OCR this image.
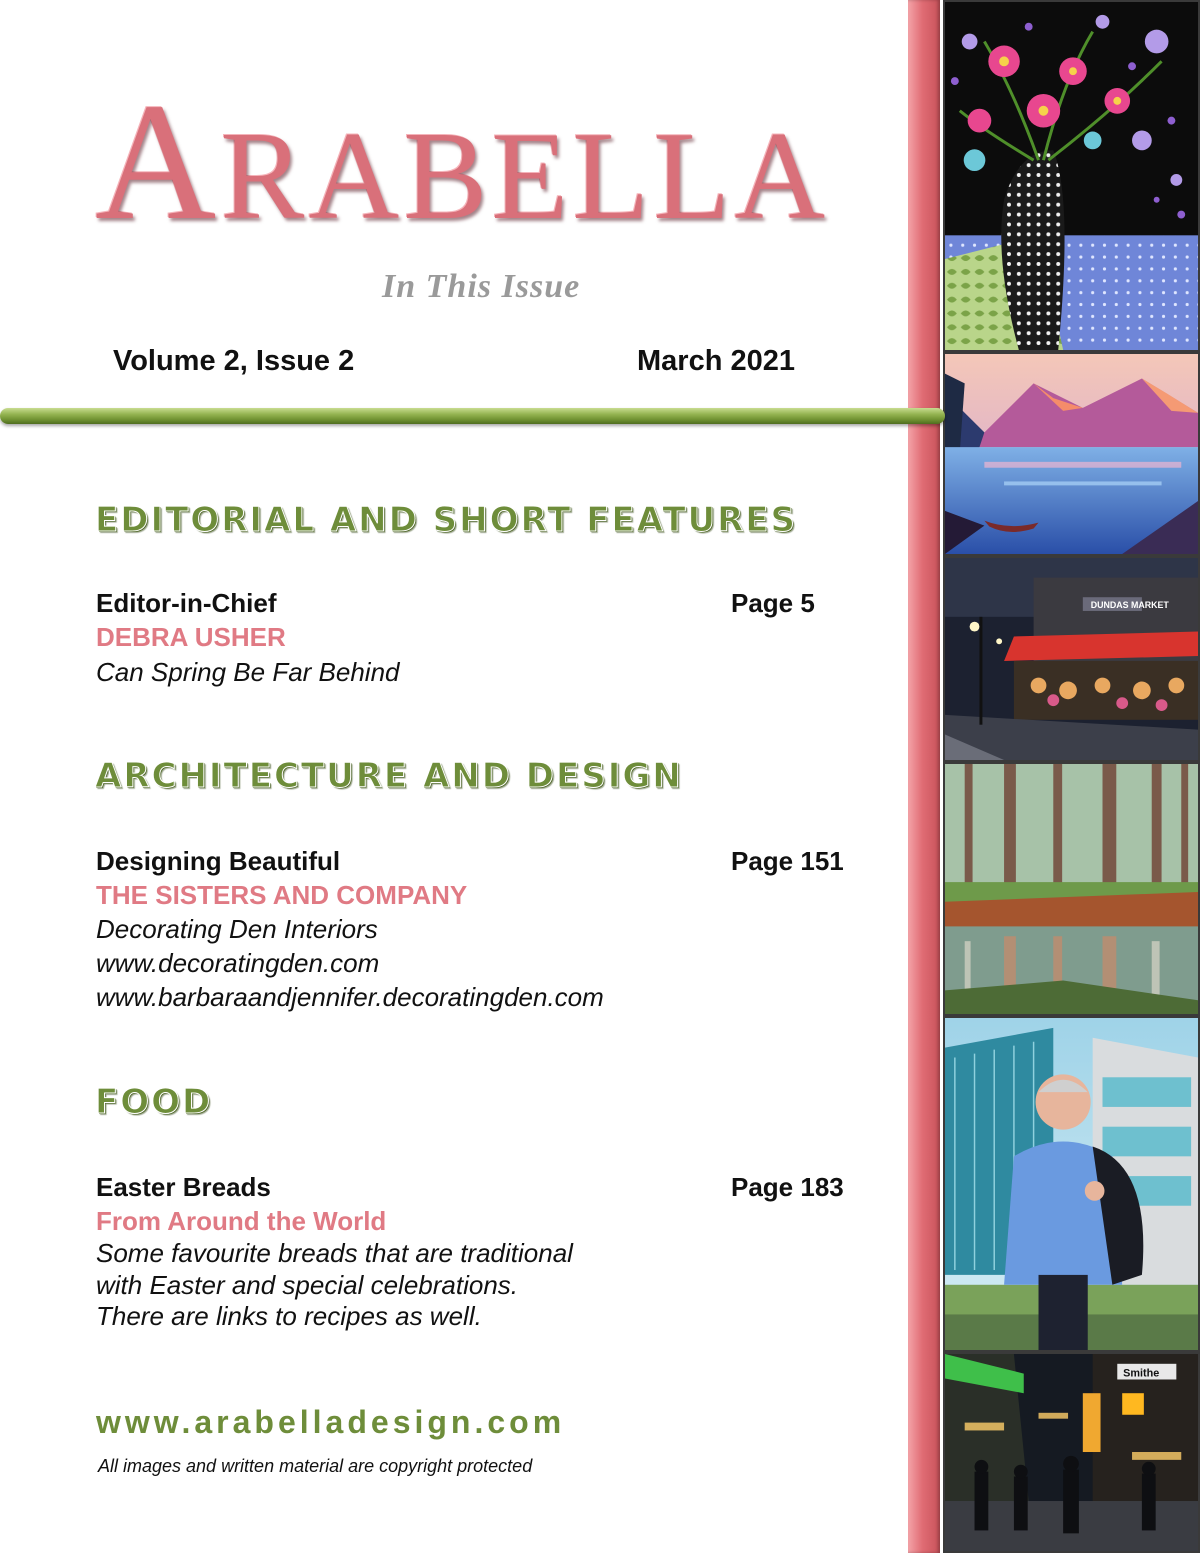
ARABELLA
In This Issue
Volume 2, Issue 2	March 2021
EDITORIAL AND SHORT FEATURES
Editor-in-Chief	Page 5
DEBRA USHER
Can Spring Be Far Behind
ARCHITECTURE AND DESIGN
Designing Beautiful	Page 151
THE SISTERS AND COMPANY
Decorating Den Interiors
www.decoratingden.com
www.barbaraandjennifer.decoratingden.com
FOOD
Easter Breads	Page 183
From Around the World
Some favourite breads that are traditional
with Easter and special celebrations.
There are links to recipes as well.
www.arabelladesign.com
All images and written material are copyright protected
DUNDAS MARKET
Smithe
